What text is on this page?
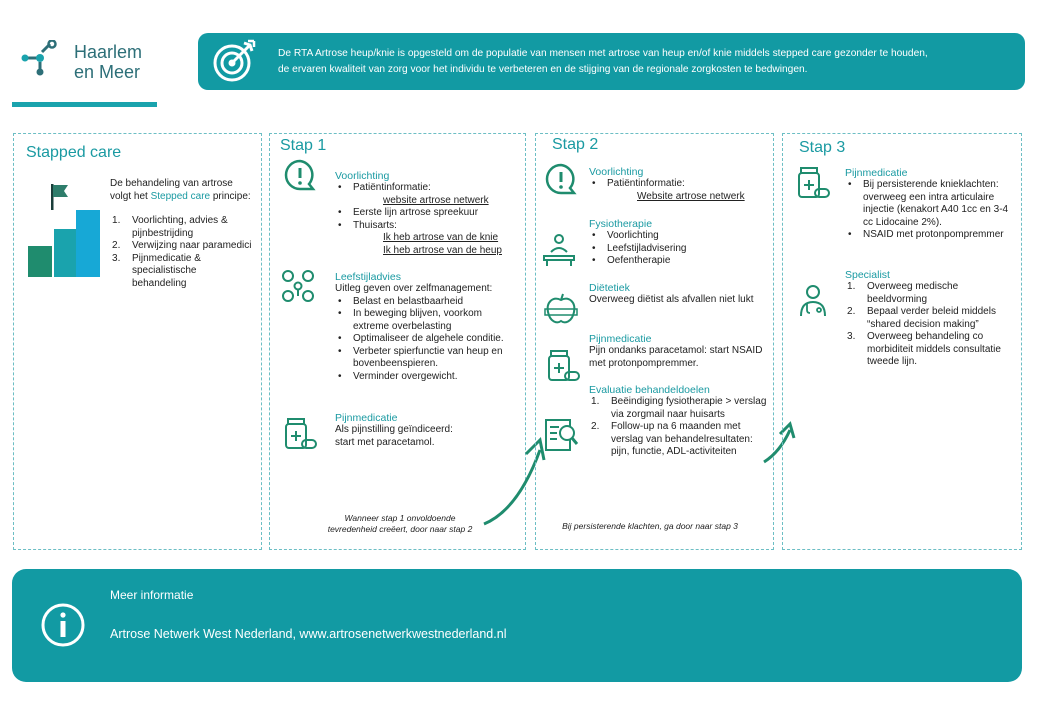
Haarlem
en Meer
De RTA Artrose heup/knie is opgesteld om de populatie van mensen met artrose van heup en/of knie middels stepped care gezonder te houden,
de ervaren kwaliteit van zorg voor het individu te verbeteren en de stijging van de regionale zorgkosten te bedwingen.
Stapped care
De behandeling van artrose volgt het Stepped care principe:
Voorlichting, advies & pijnbestrijding
Verwijzing naar paramedici
Pijnmedicatie & specialistische behandeling
Stap 1
Voorlichting
• Patiëntinformatie:
website artrose netwerk
• Eerste lijn artrose spreekuur
• Thuisarts:
Ik heb artrose van de knie
Ik heb artrose van de heup
Leefstijladvies
Uitleg geven over zelfmanagement:
• Belast en belastbaarheid
• In beweging blijven, voorkom extreme overbelasting
• Optimaliseer de algehele conditie.
• Verbeter spierfunctie van heup en bovenbeenspieren.
• Verminder overgewicht.
Pijnmedicatie
Als pijnstilling geïndiceerd:
start met paracetamol.
Wanneer stap 1 onvoldoende
tevredenheid creëert, door naar stap 2
Stap 2
Voorlichting
• Patiëntinformatie:
Website artrose netwerk
Fysiotherapie
• Voorlichting
• Leefstijladvisering
• Oefentherapie
Diëtetiek
Overweeg diëtist als afvallen niet lukt
Pijnmedicatie
Pijn ondanks paracetamol: start NSAID met protonpompremmer.
Evaluatie behandeldoelen
Beëindiging fysiotherapie > verslag via zorgmail naar huisarts
Follow-up na 6 maanden met verslag van behandelresultaten: pijn, functie, ADL-activiteiten
Bij persisterende klachten, ga door naar stap 3
Stap 3
Pijnmedicatie
• Bij persisterende knieklachten: overweeg een intra articulaire injectie (kenakort A40 1cc en 3-4 cc Lidocaine 2%).
• NSAID met protonpompremmer
Specialist
Overweeg medische beeldvorming
Bepaal verder beleid middels “shared decision making”
Overweeg behandeling co morbiditeit middels consultatie tweede lijn.
Meer informatie
Artrose Netwerk West Nederland, www.artrosenetwerkwestnederland.nl
